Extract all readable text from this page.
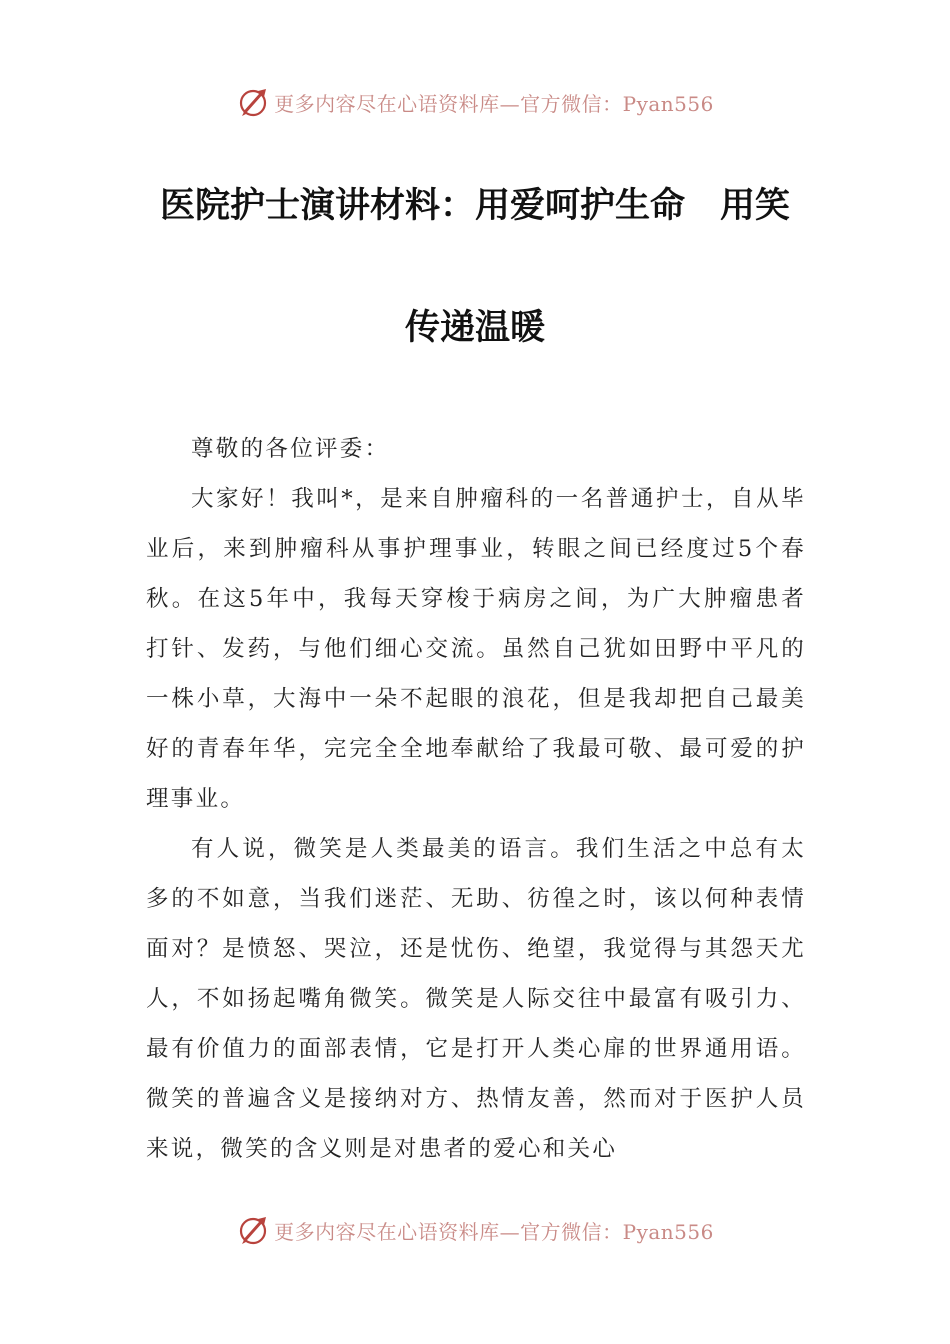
更多内容尽在心语资料库—官方微信：Pyan556
医院护士演讲材料：用爱呵护生命　用笑
传递温暖

尊敬的各位评委：

大家好！我叫*，是来自肿瘤科的一名普通护士，自从毕业后，来到肿瘤科从事护理事业，转眼之间已经度过5个春秋。在这5年中，我每天穿梭于病房之间，为广大肿瘤患者打针、发药，与他们细心交流。虽然自己犹如田野中平凡的一株小草，大海中一朵不起眼的浪花，但是我却把自己最美好的青春年华，完完全全地奉献给了我最可敬、最可爱的护理事业。

有人说，微笑是人类最美的语言。我们生活之中总有太多的不如意，当我们迷茫、无助、彷徨之时，该以何种表情面对？是愤怒、哭泣，还是忧伤、绝望，我觉得与其怨天尤人，不如扬起嘴角微笑。微笑是人际交往中最富有吸引力、最有价值力的面部表情，它是打开人类心扉的世界通用语。微笑的普遍含义是接纳对方、热情友善，然而对于医护人员来说，微笑的含义则是对患者的爱心和关心

更多内容尽在心语资料库—官方微信：Pyan556
